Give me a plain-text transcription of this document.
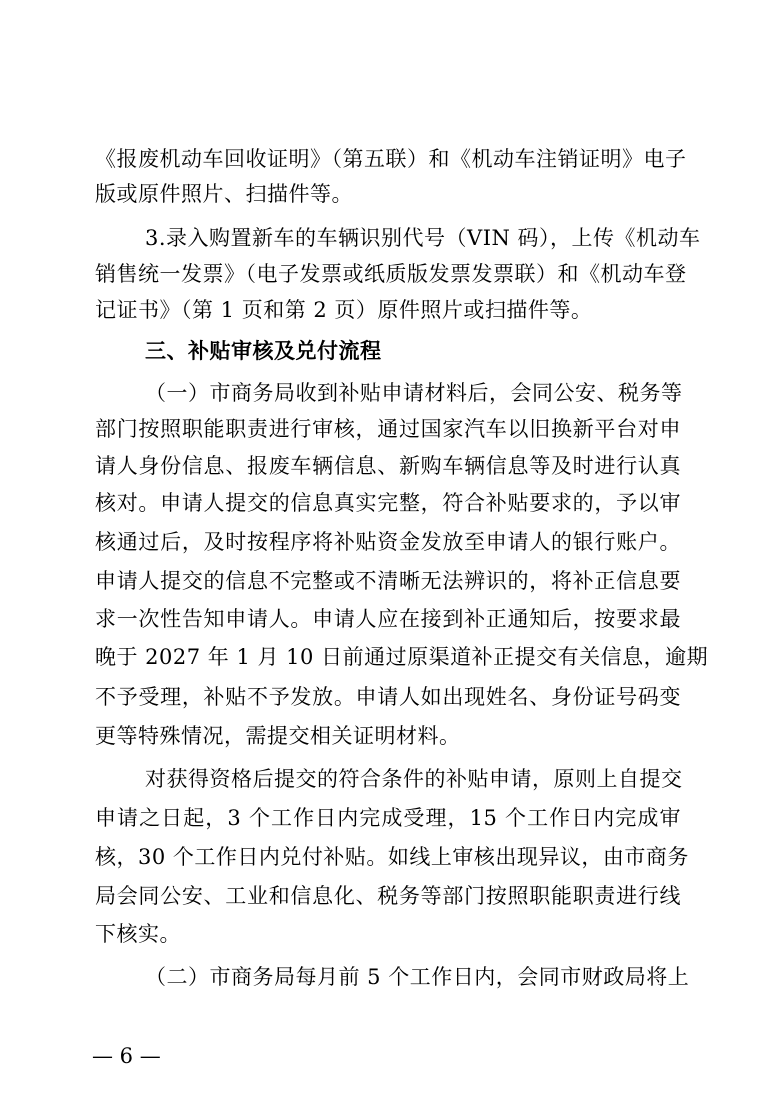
《报废机动车回收证明》（第五联）和《机动车注销证明》电子
版或原件照片、扫描件等。
3.录入购置新车的车辆识别代号（VIN 码），上传《机动车
销售统一发票》（电子发票或纸质版发票发票联）和《机动车登
记证书》（第 1 页和第 2 页）原件照片或扫描件等。
三、补贴审核及兑付流程
（一）市商务局收到补贴申请材料后，会同公安、税务等
部门按照职能职责进行审核，通过国家汽车以旧换新平台对申
请人身份信息、报废车辆信息、新购车辆信息等及时进行认真
核对。申请人提交的信息真实完整，符合补贴要求的，予以审
核通过后，及时按程序将补贴资金发放至申请人的银行账户。
申请人提交的信息不完整或不清晰无法辨识的，将补正信息要
求一次性告知申请人。申请人应在接到补正通知后，按要求最
晚于 2027 年 1 月 10 日前通过原渠道补正提交有关信息，逾期
不予受理，补贴不予发放。申请人如出现姓名、身份证号码变
更等特殊情况，需提交相关证明材料。
对获得资格后提交的符合条件的补贴申请，原则上自提交
申请之日起，3 个工作日内完成受理，15 个工作日内完成审
核，30 个工作日内兑付补贴。如线上审核出现异议，由市商务
局会同公安、工业和信息化、税务等部门按照职能职责进行线
下核实。
（二）市商务局每月前 5 个工作日内，会同市财政局将上
— 6 —
